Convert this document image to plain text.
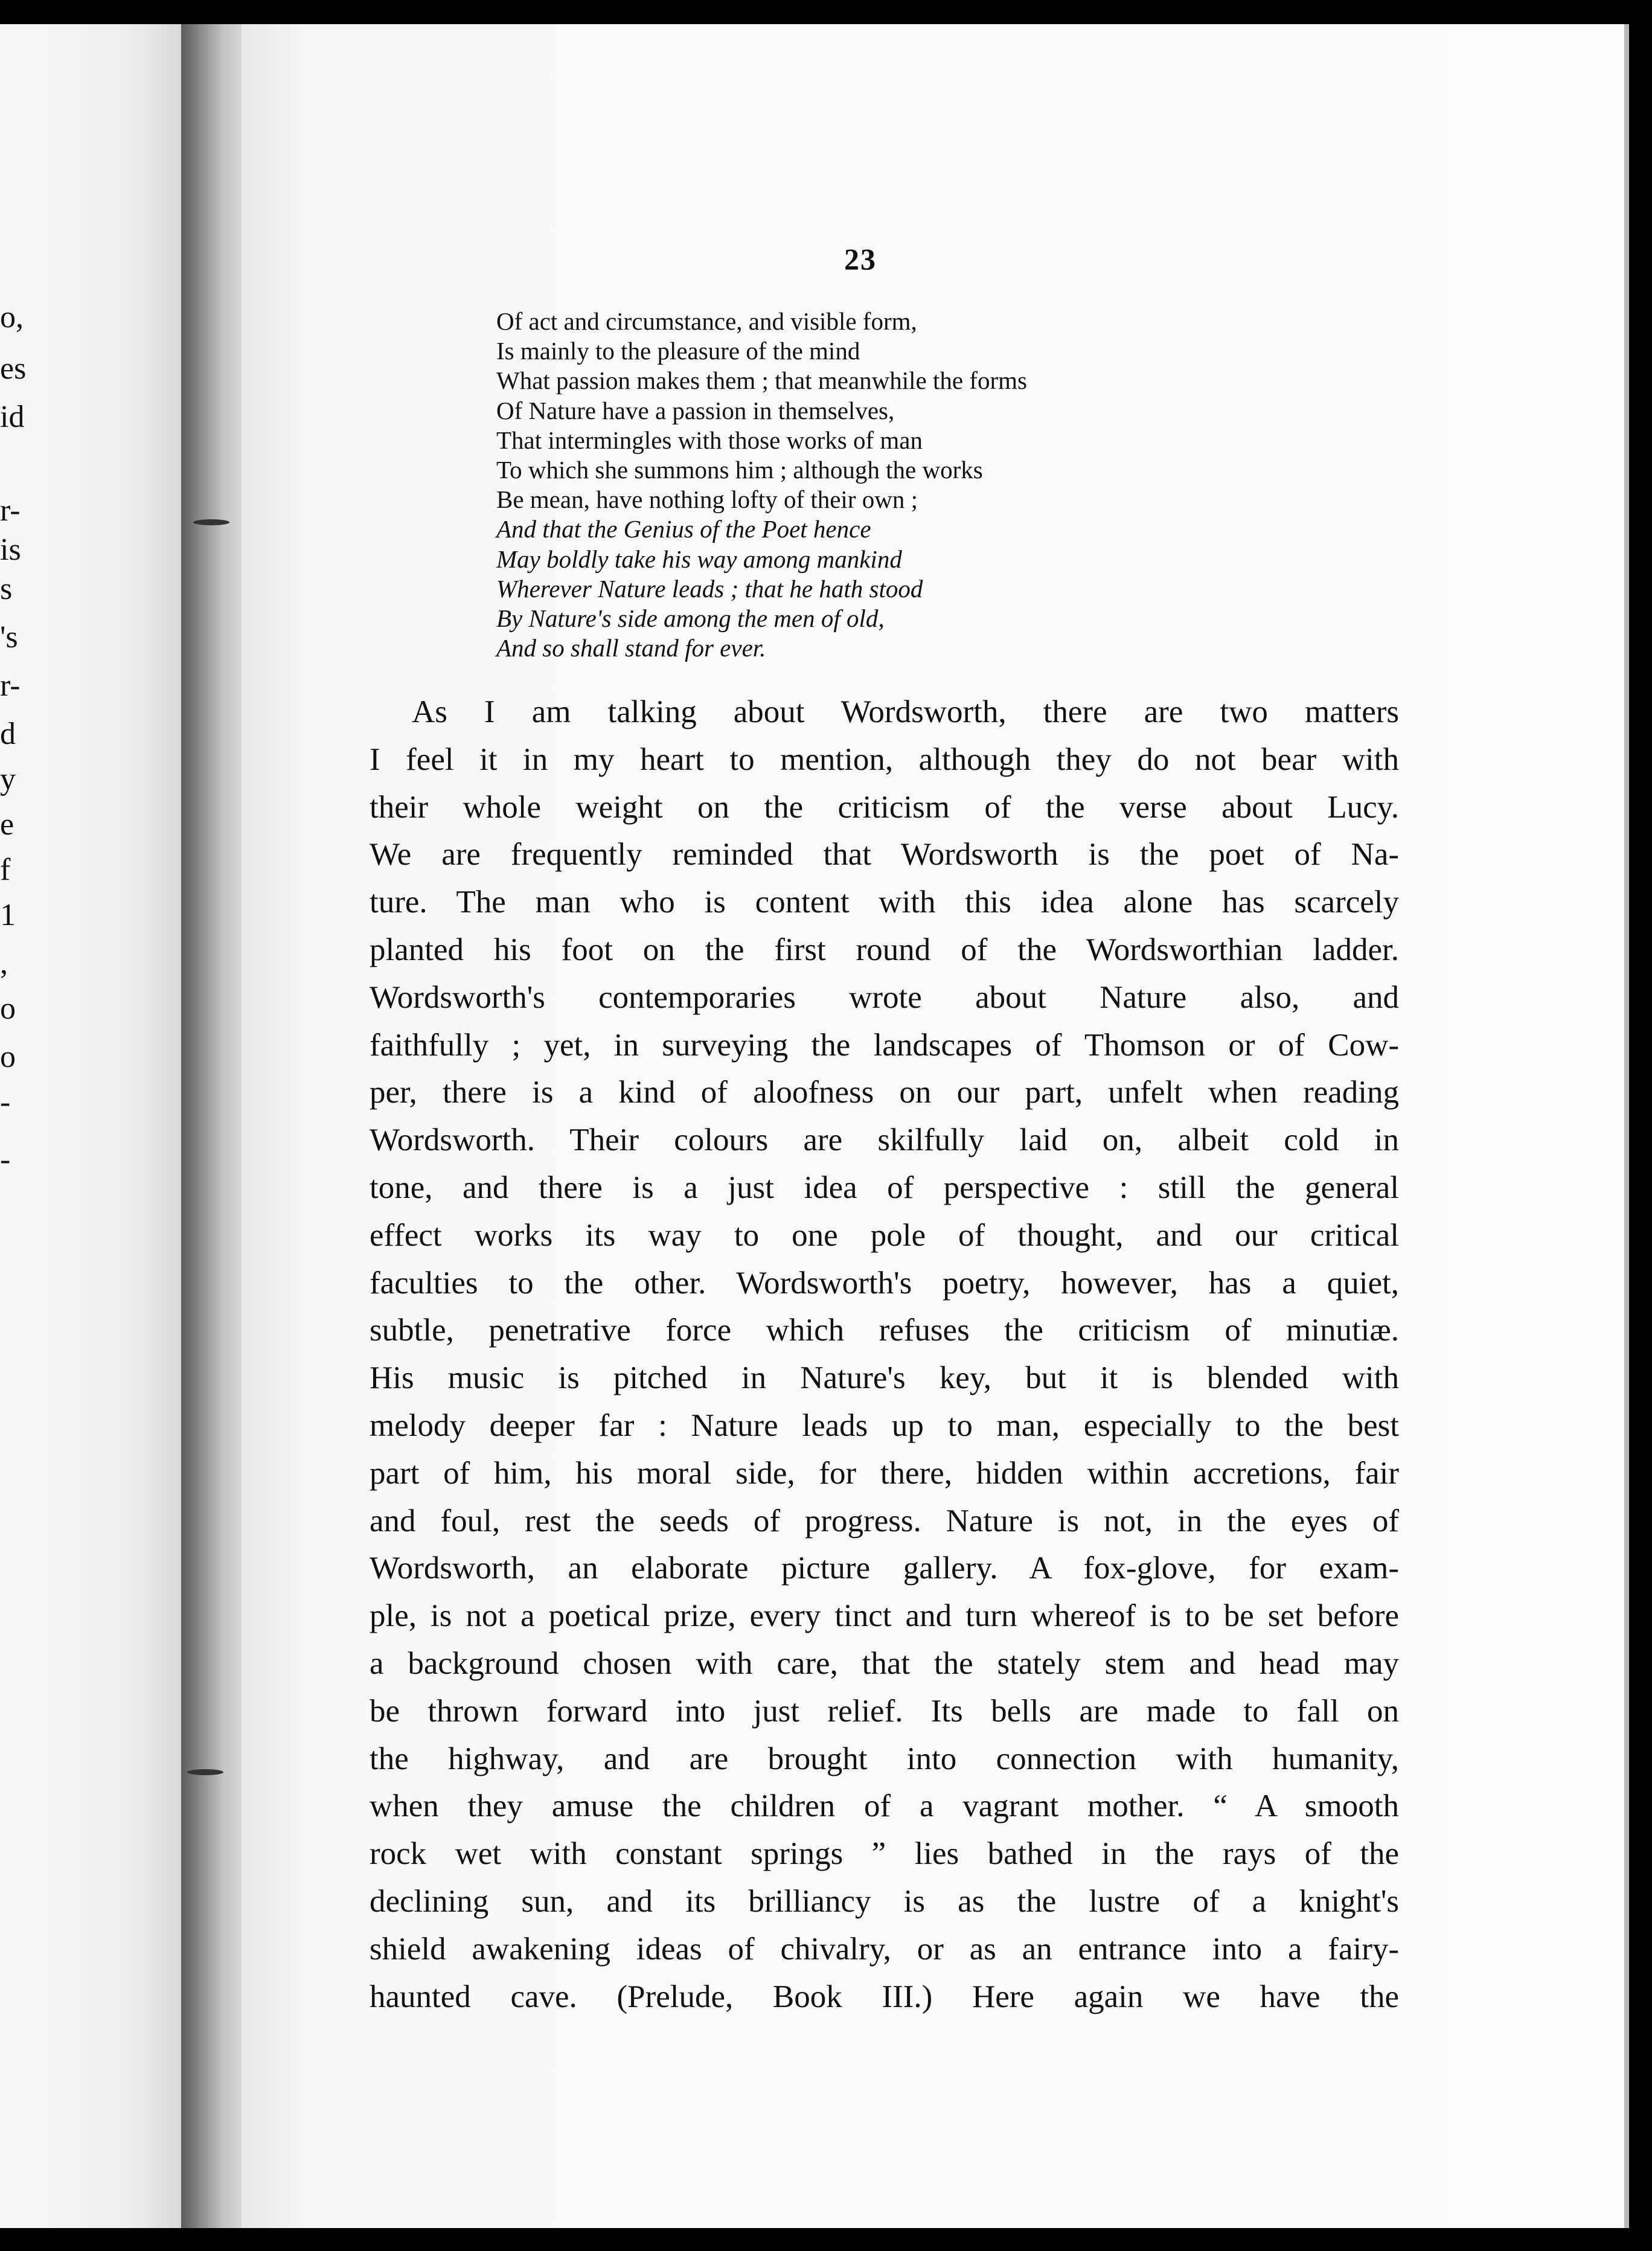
o,
es
id
r-
is
s
's
r-
d
y
e
f
1
,
o
o
-
-
23
Of act and circumstance, and visible form,
Is mainly to the pleasure of the mind
What passion makes them ; that meanwhile the forms
Of Nature have a passion in themselves,
That intermingles with those works of man
To which she summons him ; although the works
Be mean, have nothing lofty of their own ;
And that the Genius of the Poet hence
May boldly take his way among mankind
Wherever Nature leads ; that he hath stood
By Nature's side among the men of old,
And so shall stand for ever.
As I am talking about Wordsworth, there are two matters
I feel it in my heart to mention, although they do not bear with
their whole weight on the criticism of the verse about Lucy.
We are frequently reminded that Wordsworth is the poet of Na-
ture. The man who is content with this idea alone has scarcely
planted his foot on the first round of the Wordsworthian ladder.
Wordsworth's contemporaries wrote about Nature also, and
faithfully ; yet, in surveying the landscapes of Thomson or of Cow-
per, there is a kind of aloofness on our part, unfelt when reading
Wordsworth. Their colours are skilfully laid on, albeit cold in
tone, and there is a just idea of perspective : still the general
effect works its way to one pole of thought, and our critical
faculties to the other. Wordsworth's poetry, however, has a quiet,
subtle, penetrative force which refuses the criticism of minutiæ.
His music is pitched in Nature's key, but it is blended with
melody deeper far : Nature leads up to man, especially to the best
part of him, his moral side, for there, hidden within accretions, fair
and foul, rest the seeds of progress. Nature is not, in the eyes of
Wordsworth, an elaborate picture gallery. A fox-glove, for exam-
ple, is not a poetical prize, every tinct and turn whereof is to be set before
a background chosen with care, that the stately stem and head may
be thrown forward into just relief. Its bells are made to fall on
the highway, and are brought into connection with humanity,
when they amuse the children of a vagrant mother. “ A smooth
rock wet with constant springs ” lies bathed in the rays of the
declining sun, and its brilliancy is as the lustre of a knight's
shield awakening ideas of chivalry, or as an entrance into a fairy-
haunted cave. (Prelude, Book III.) Here again we have the
